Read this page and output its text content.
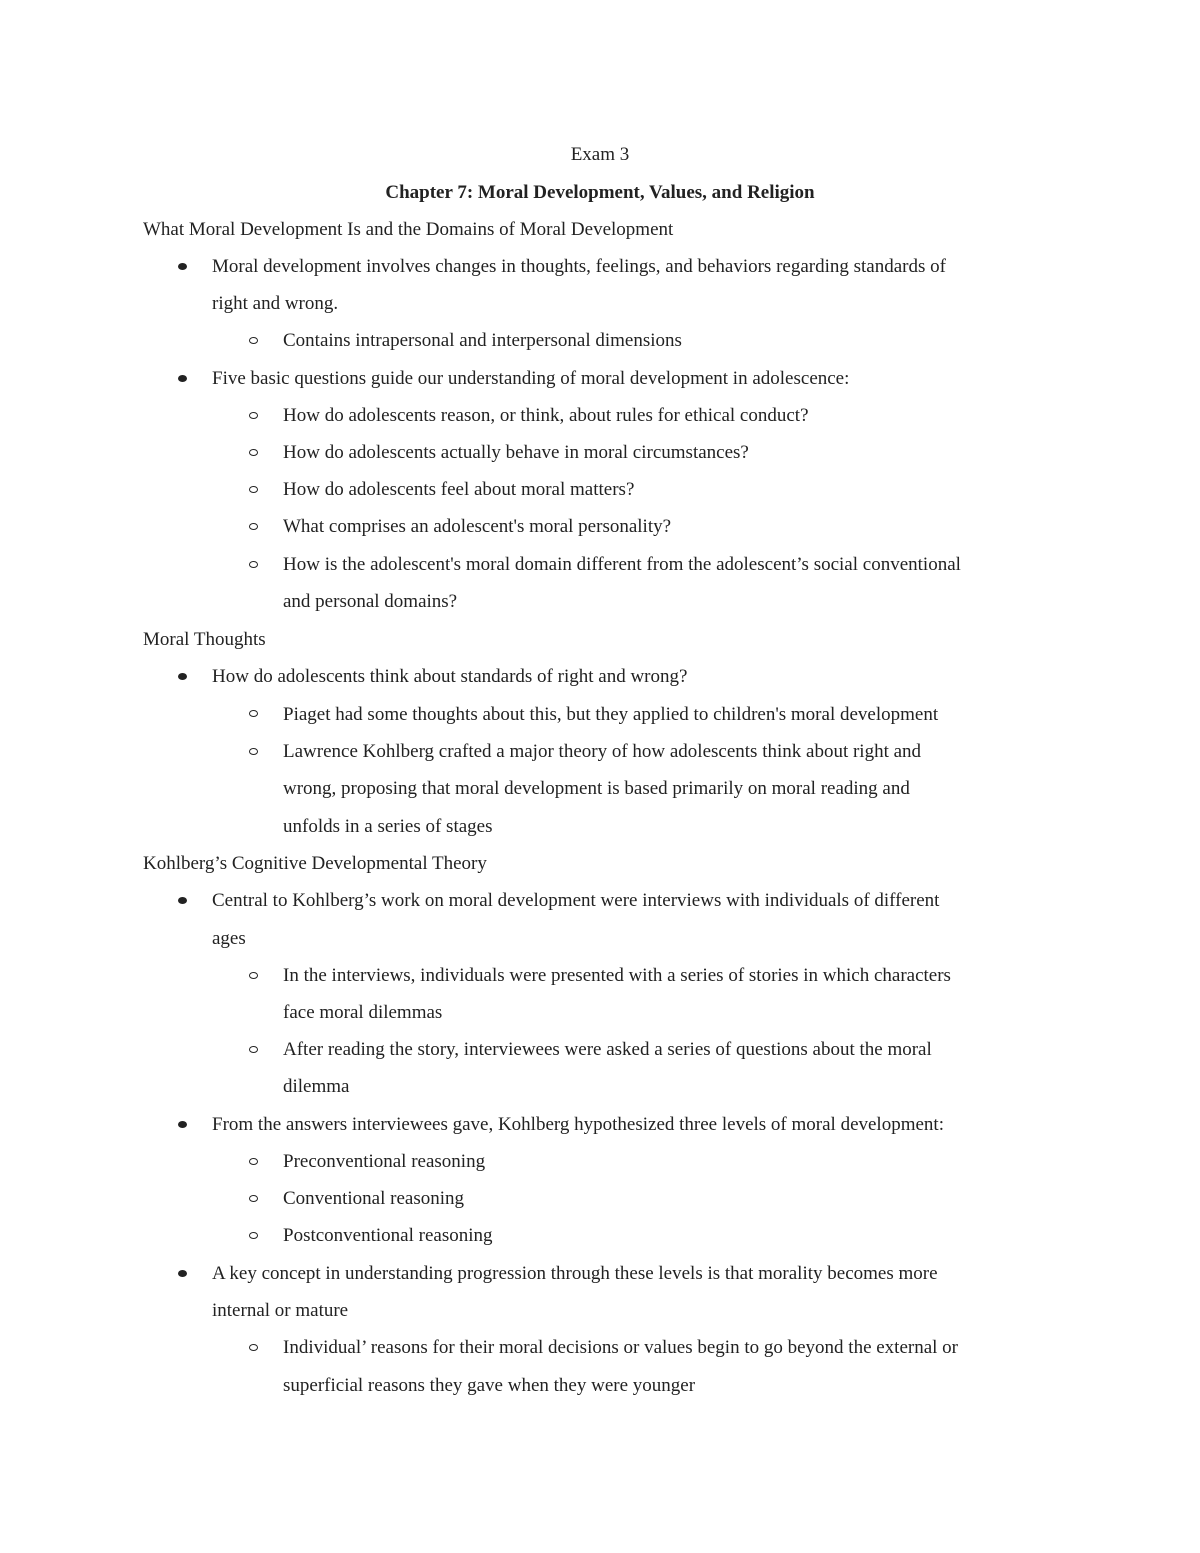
Exam 3
Chapter 7: Moral Development, Values, and Religion
What Moral Development Is and the Domains of Moral Development
Moral development involves changes in thoughts, feelings, and behaviors regarding standards of
right and wrong.
Contains intrapersonal and interpersonal dimensions
Five basic questions guide our understanding of moral development in adolescence:
How do adolescents reason, or think, about rules for ethical conduct?
How do adolescents actually behave in moral circumstances?
How do adolescents feel about moral matters?
What comprises an adolescent's moral personality?
How is the adolescent's moral domain different from the adolescent’s social conventional
and personal domains?
Moral Thoughts
How do adolescents think about standards of right and wrong?
Piaget had some thoughts about this, but they applied to children's moral development
Lawrence Kohlberg crafted a major theory of how adolescents think about right and
wrong, proposing that moral development is based primarily on moral reading and
unfolds in a series of stages
Kohlberg’s Cognitive Developmental Theory
Central to Kohlberg’s work on moral development were interviews with individuals of different
ages
In the interviews, individuals were presented with a series of stories in which characters
face moral dilemmas
After reading the story, interviewees were asked a series of questions about the moral
dilemma
From the answers interviewees gave, Kohlberg hypothesized three levels of moral development:
Preconventional reasoning
Conventional reasoning
Postconventional reasoning
A key concept in understanding progression through these levels is that morality becomes more
internal or mature
Individual’ reasons for their moral decisions or values begin to go beyond the external or
superficial reasons they gave when they were younger
